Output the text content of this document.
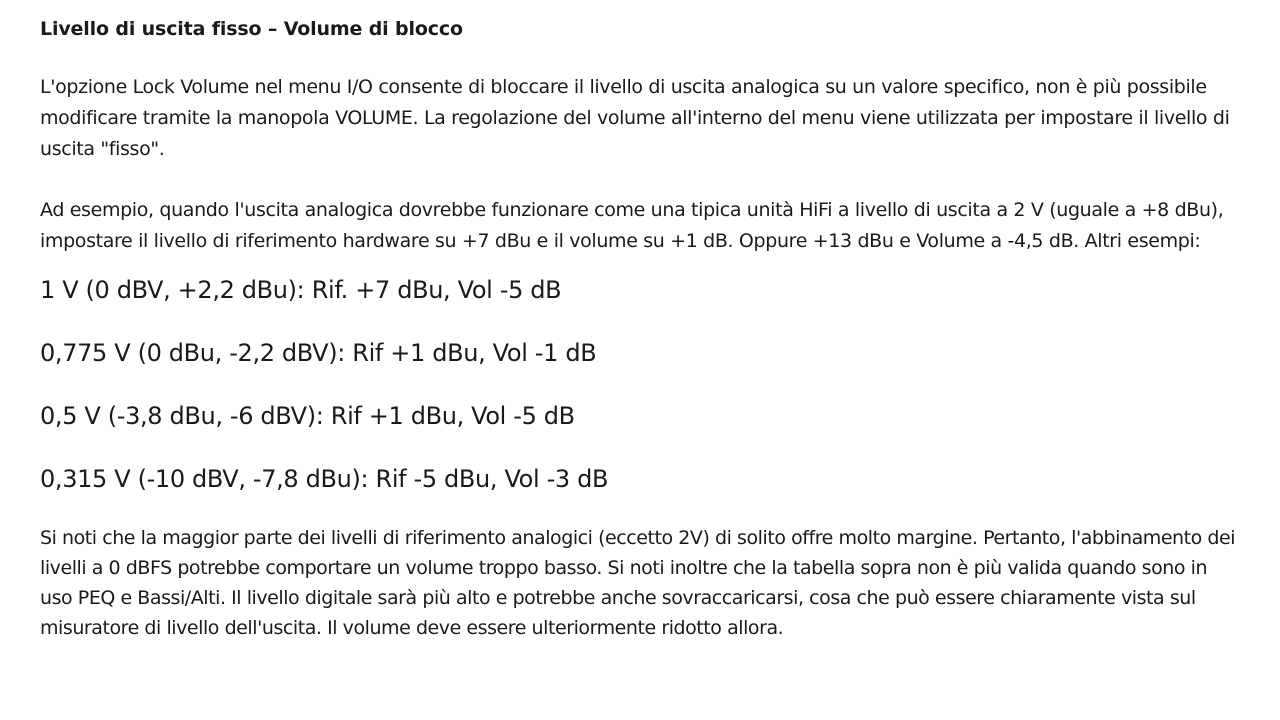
Livello di uscita fisso – Volume di blocco

L'opzione Lock Volume nel menu I/O consente di bloccare il livello di uscita analogica su un valore specifico, non è più possibile modificare tramite la manopola VOLUME. La regolazione del volume all'interno del menu viene utilizzata per impostare il livello di uscita "fisso".

Ad esempio, quando l'uscita analogica dovrebbe funzionare come una tipica unità HiFi a livello di uscita a 2 V (uguale a +8 dBu), impostare il livello di riferimento hardware su +7 dBu e il volume su +1 dB. Oppure +13 dBu e Volume a -4,5 dB. Altri esempi:

1 V (0 dBV, +2,2 dBu): Rif. +7 dBu, Vol -5 dB
0,775 V (0 dBu, -2,2 dBV): Rif +1 dBu, Vol -1 dB
0,5 V (-3,8 dBu, -6 dBV): Rif +1 dBu, Vol -5 dB
0,315 V (-10 dBV, -7,8 dBu): Rif -5 dBu, Vol -3 dB

Si noti che la maggior parte dei livelli di riferimento analogici (eccetto 2V) di solito offre molto margine. Pertanto, l'abbinamento dei livelli a 0 dBFS potrebbe comportare un volume troppo basso. Si noti inoltre che la tabella sopra non è più valida quando sono in uso PEQ e Bassi/Alti. Il livello digitale sarà più alto e potrebbe anche sovraccaricarsi, cosa che può essere chiaramente vista sul misuratore di livello dell'uscita. Il volume deve essere ulteriormente ridotto allora.
